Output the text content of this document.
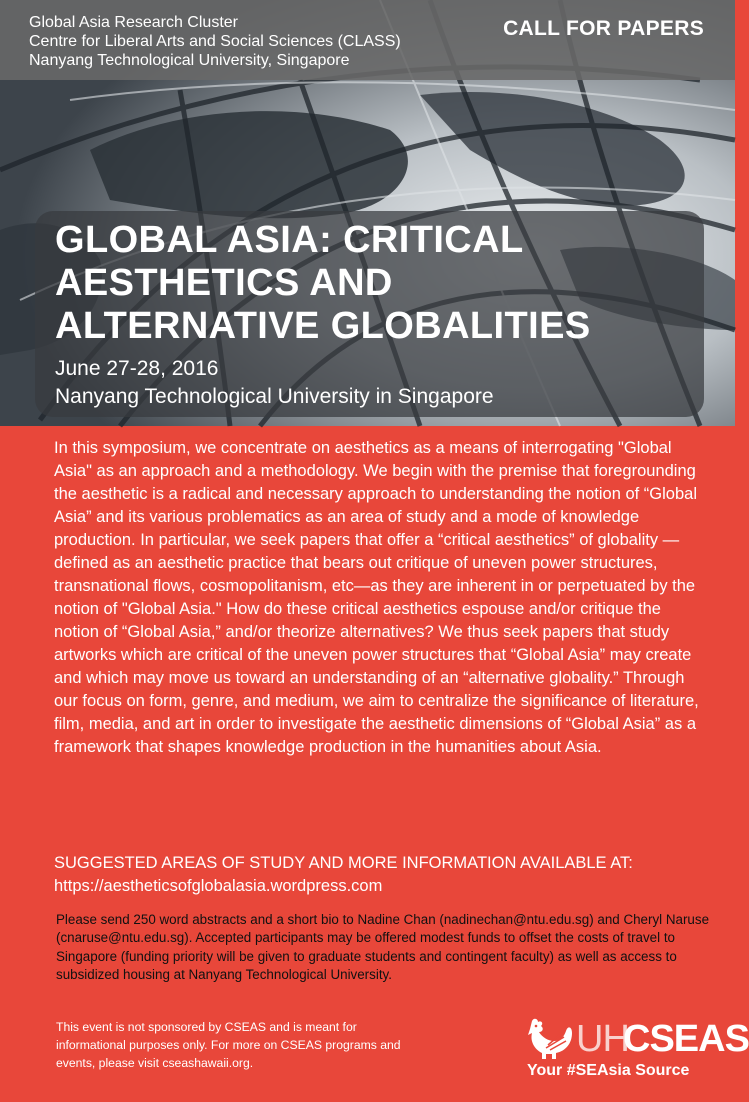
Global Asia Research Cluster
Centre for Liberal Arts and Social Sciences (CLASS)
Nanyang Technological University, Singapore
CALL FOR PAPERS
GLOBAL ASIA: CRITICAL
AESTHETICS AND
ALTERNATIVE GLOBALITIES
June 27-28, 2016
Nanyang Technological University in Singapore

In this symposium, we concentrate on aesthetics as a means of interrogating "Global Asia" as an approach and a methodology. We begin with the premise that foregrounding the aesthetic is a radical and necessary approach to understanding the notion of “Global Asia” and its various problematics as an area of study and a mode of knowledge production. In particular, we seek papers that offer a “critical aesthetics” of globality —defined as an aesthetic practice that bears out critique of uneven power structures, transnational flows, cosmopolitanism, etc—as they are inherent in or perpetuated by the notion of "Global Asia." How do these critical aesthetics espouse and/or critique the notion of “Global Asia,” and/or theorize alternatives? We thus seek papers that study artworks which are critical of the uneven power structures that “Global Asia” may create and which may move us toward an understanding of an “alternative globality.” Through our focus on form, genre, and medium, we aim to centralize the significance of literature, film, media, and art in order to investigate the aesthetic dimensions of “Global Asia” as a framework that shapes knowledge production in the humanities about Asia.

SUGGESTED AREAS OF STUDY AND MORE INFORMATION AVAILABLE AT:
https://aestheticsofglobalasia.wordpress.com

Please send 250 word abstracts and a short bio to Nadine Chan (nadinechan@ntu.edu.sg) and Cheryl Naruse (cnaruse@ntu.edu.sg). Accepted participants may be offered modest funds to offset the costs of travel to Singapore (funding priority will be given to graduate students and contingent faculty) as well as access to subsidized housing at Nanyang Technological University.

This event is not sponsored by CSEAS and is meant for informational purposes only. For more on CSEAS programs and events, please visit cseashawaii.org.

UH
CSEAS
Your #SEAsia Source
